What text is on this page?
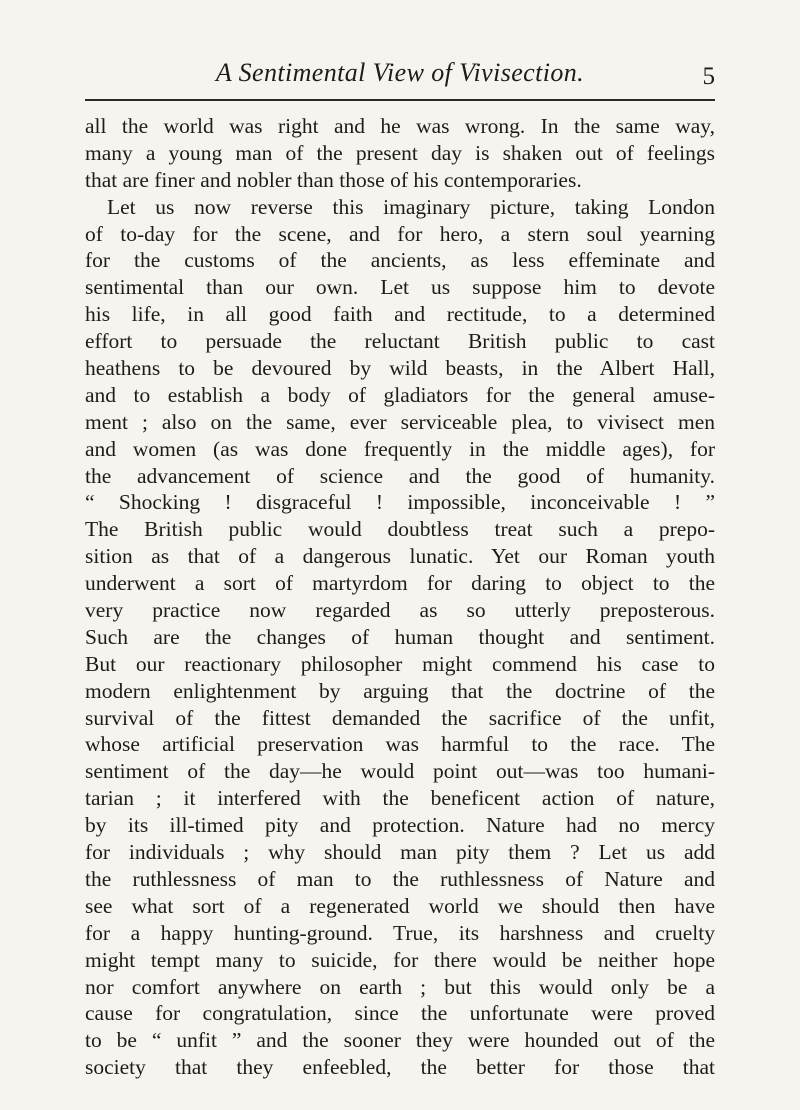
A Sentimental View of Vivisection.	5
all the world was right and he was wrong. In the same way,
many a young man of the present day is shaken out of feelings
that are finer and nobler than those of his contemporaries.
Let us now reverse this imaginary picture, taking London
of to-day for the scene, and for hero, a stern soul yearning
for the customs of the ancients, as less effeminate and
sentimental than our own. Let us suppose him to devote
his life, in all good faith and rectitude, to a determined
effort to persuade the reluctant British public to cast
heathens to be devoured by wild beasts, in the Albert Hall,
and to establish a body of gladiators for the general amuse-
ment ; also on the same, ever serviceable plea, to vivisect men
and women (as was done frequently in the middle ages), for
the advancement of science and the good of humanity.
“ Shocking ! disgraceful ! impossible, inconceivable ! ”
The British public would doubtless treat such a prepo-
sition as that of a dangerous lunatic. Yet our Roman youth
underwent a sort of martyrdom for daring to object to the
very practice now regarded as so utterly preposterous.
Such are the changes of human thought and sentiment.
But our reactionary philosopher might commend his case to
modern enlightenment by arguing that the doctrine of the
survival of the fittest demanded the sacrifice of the unfit,
whose artificial preservation was harmful to the race. The
sentiment of the day—he would point out—was too humani-
tarian ; it interfered with the beneficent action of nature,
by its ill-timed pity and protection. Nature had no mercy
for individuals ; why should man pity them ? Let us add
the ruthlessness of man to the ruthlessness of Nature and
see what sort of a regenerated world we should then have
for a happy hunting-ground. True, its harshness and cruelty
might tempt many to suicide, for there would be neither hope
nor comfort anywhere on earth ; but this would only be a
cause for congratulation, since the unfortunate were proved
to be “ unfit ” and the sooner they were hounded out of the
society that they enfeebled, the better for those that
